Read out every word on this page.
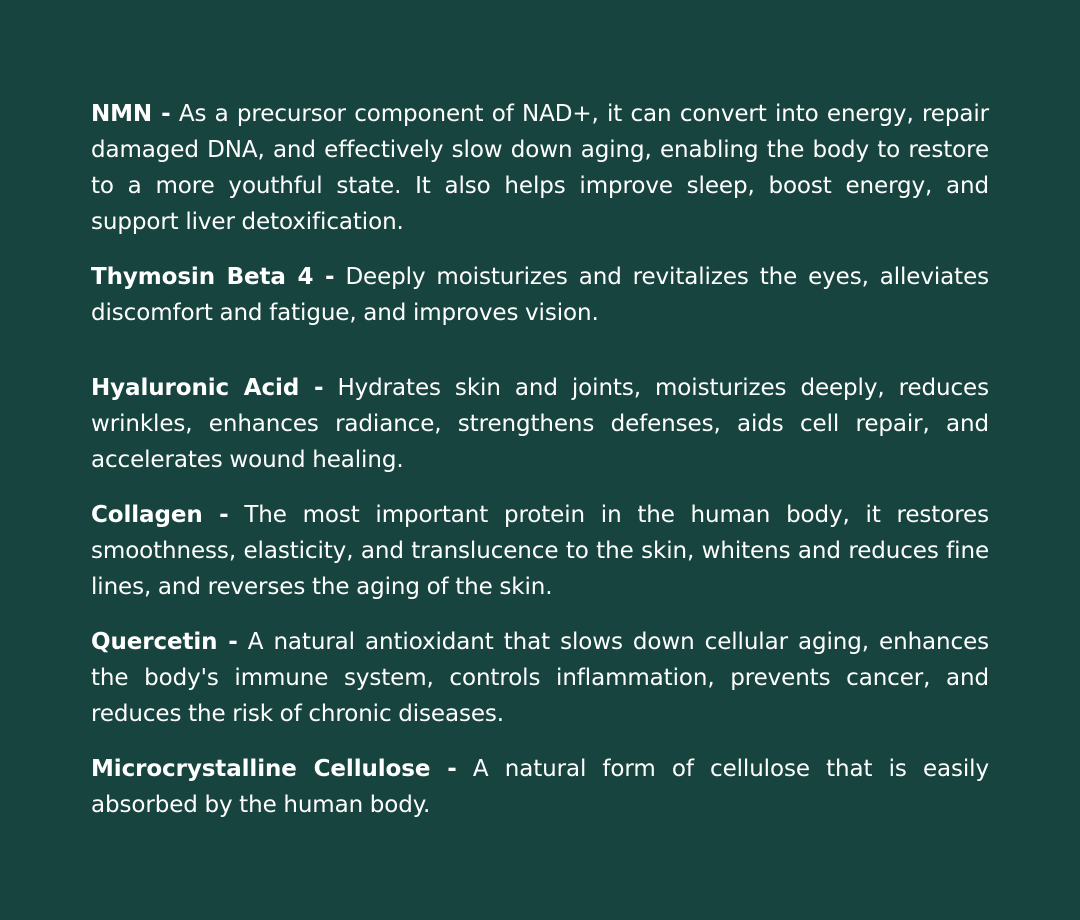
NMN - As a precursor component of NAD+, it can convert into energy, repair damaged DNA, and effectively slow down aging, enabling the body to restore to a more youthful state. It also helps improve sleep, boost energy, and support liver detoxification.

Thymosin Beta 4 - Deeply moisturizes and revitalizes the eyes, alleviates discomfort and fatigue, and improves vision.

Hyaluronic Acid - Hydrates skin and joints, moisturizes deeply, reduces wrinkles, enhances radiance, strengthens defenses, aids cell repair, and accelerates wound healing.

Collagen - The most important protein in the human body, it restores smoothness, elasticity, and translucence to the skin, whitens and reduces fine lines, and reverses the aging of the skin.

Quercetin - A natural antioxidant that slows down cellular aging, enhances the body's immune system, controls inflammation, prevents cancer, and reduces the risk of chronic diseases.

Microcrystalline Cellulose - A natural form of cellulose that is easily absorbed by the human body.
